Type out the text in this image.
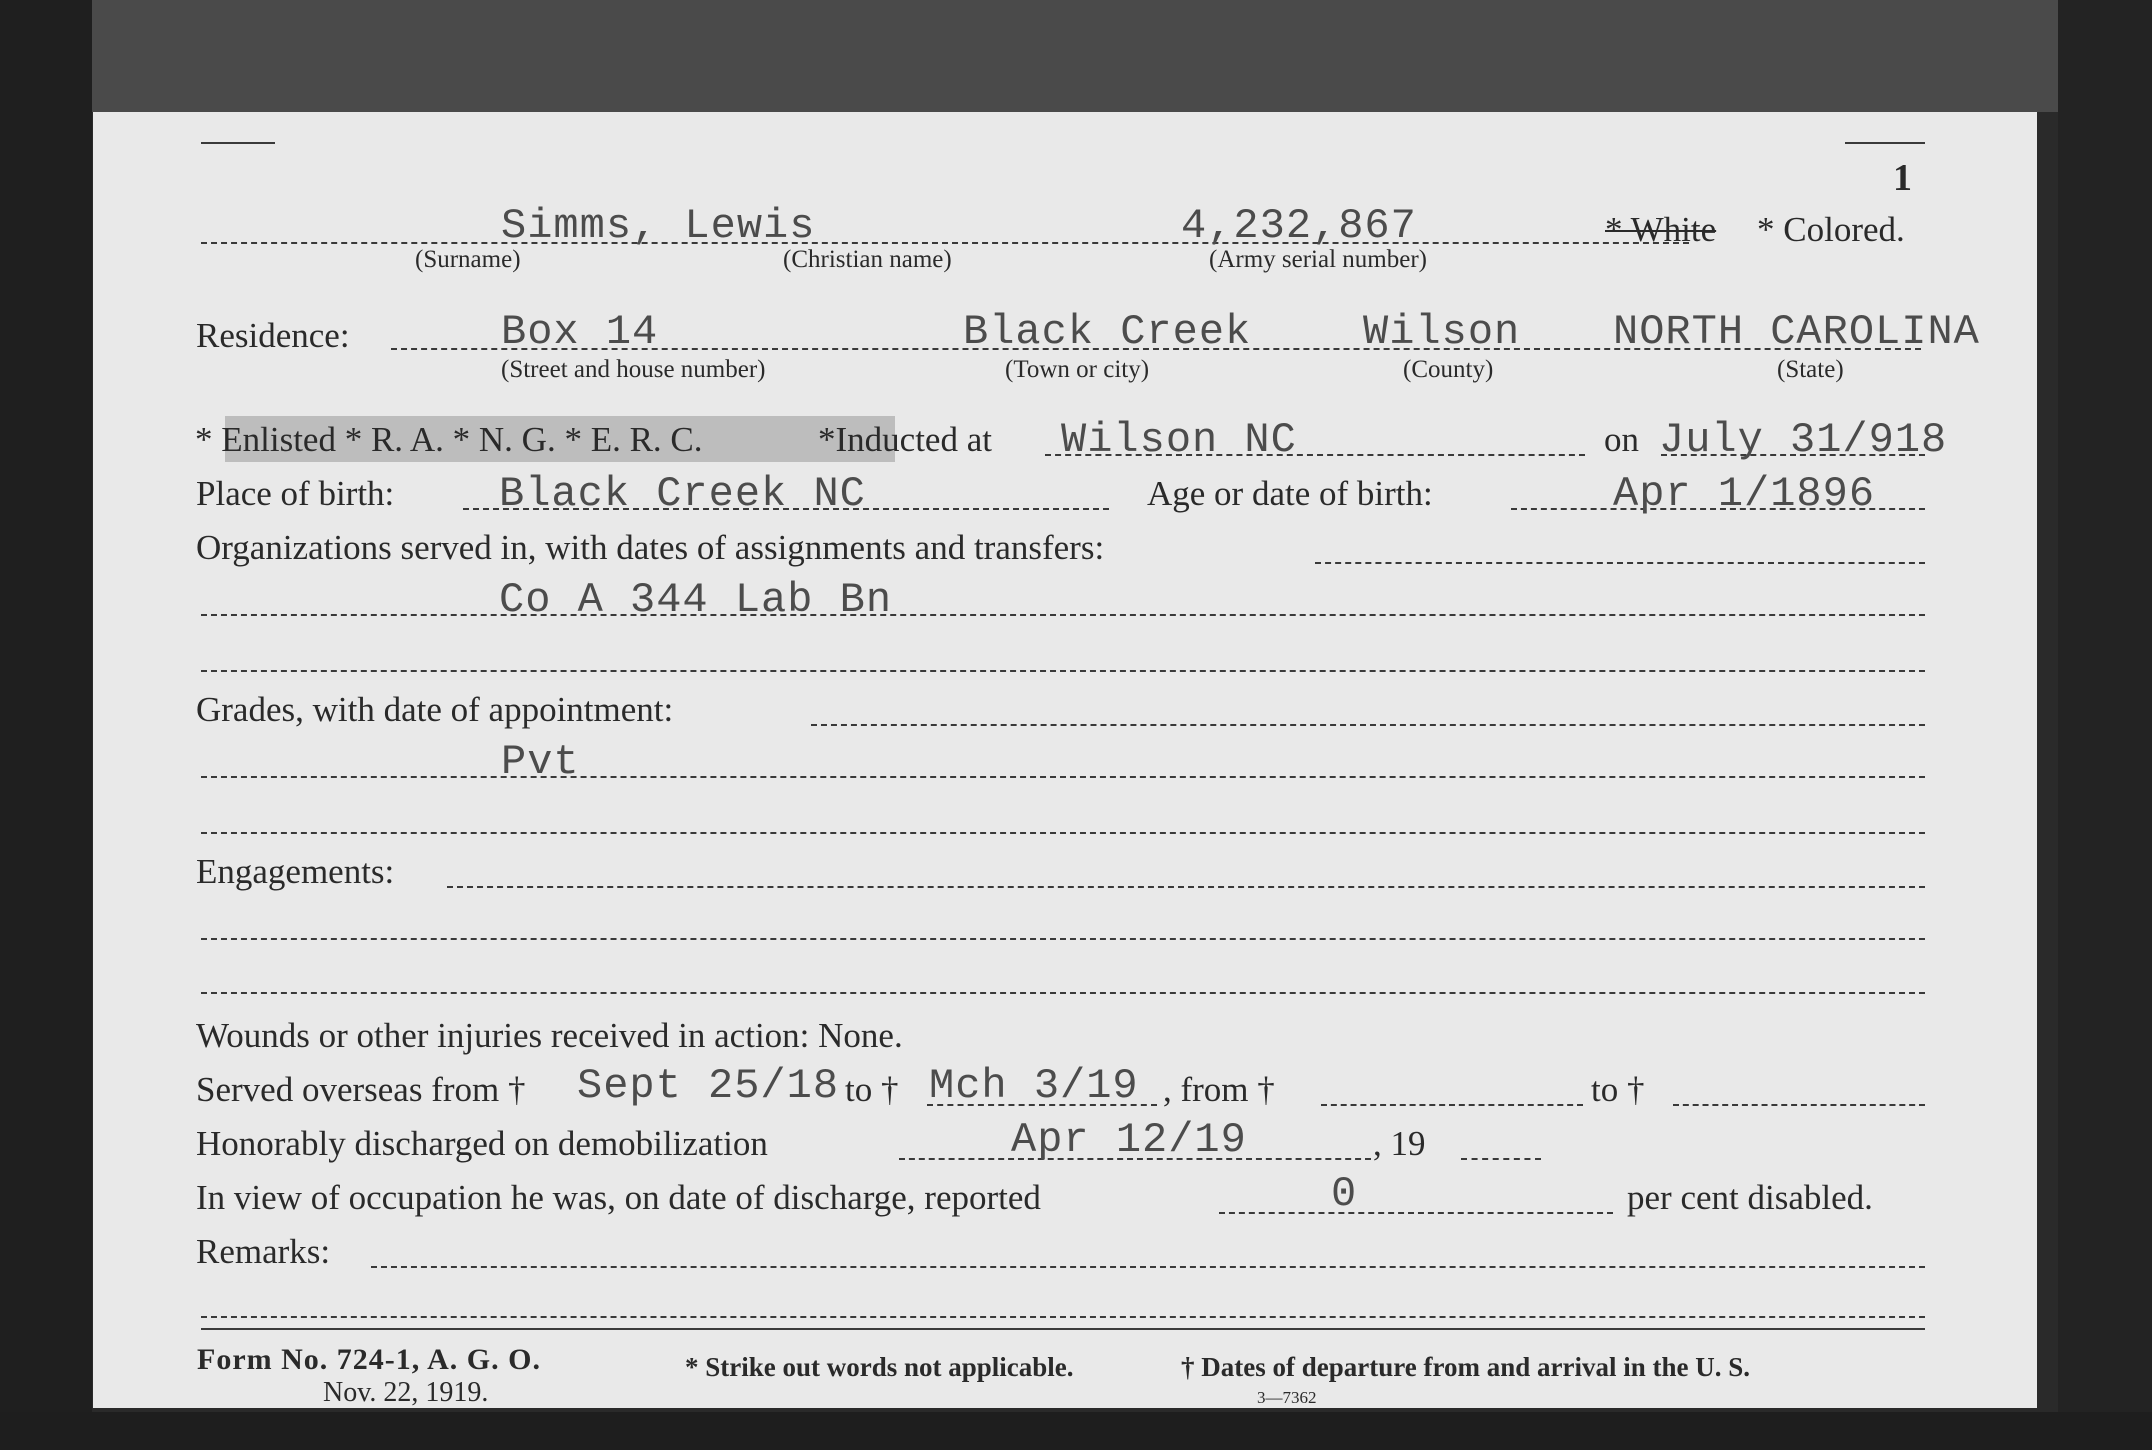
1
Simms, Lewis	4,232,867	* White * Colored.
(Surname)	(Christian name)	(Army serial number)
Residence:	Box 14	Black Creek	Wilson NORTH CAROLINA
(Street and house number)	(Town or city)	(County)	(State)
* Enlisted * R. A. * N. G. * E. R. C.	*Inducted at Wilson NC	on July 31/918
Place of birth: Black Creek NC	Age or date of birth:	Apr 1/1896
Organizations served in, with dates of assignments and transfers:
Co A 344 Lab Bn
Grades, with date of appointment:
Pvt
Engagements:
Wounds or other injuries received in action: None.
Served overseas from † Sept 25/18 to † Mch 3/19 , from †	to †
Honorably discharged on demobilization	Apr 12/19	, 19
In view of occupation he was, on date of discharge, reported	0	per cent disabled.
Remarks:
Form No. 724-1, A. G. O.
Nov. 22, 1919.
* Strike out words not applicable.	† Dates of departure from and arrival in the U. S.
3—7362
